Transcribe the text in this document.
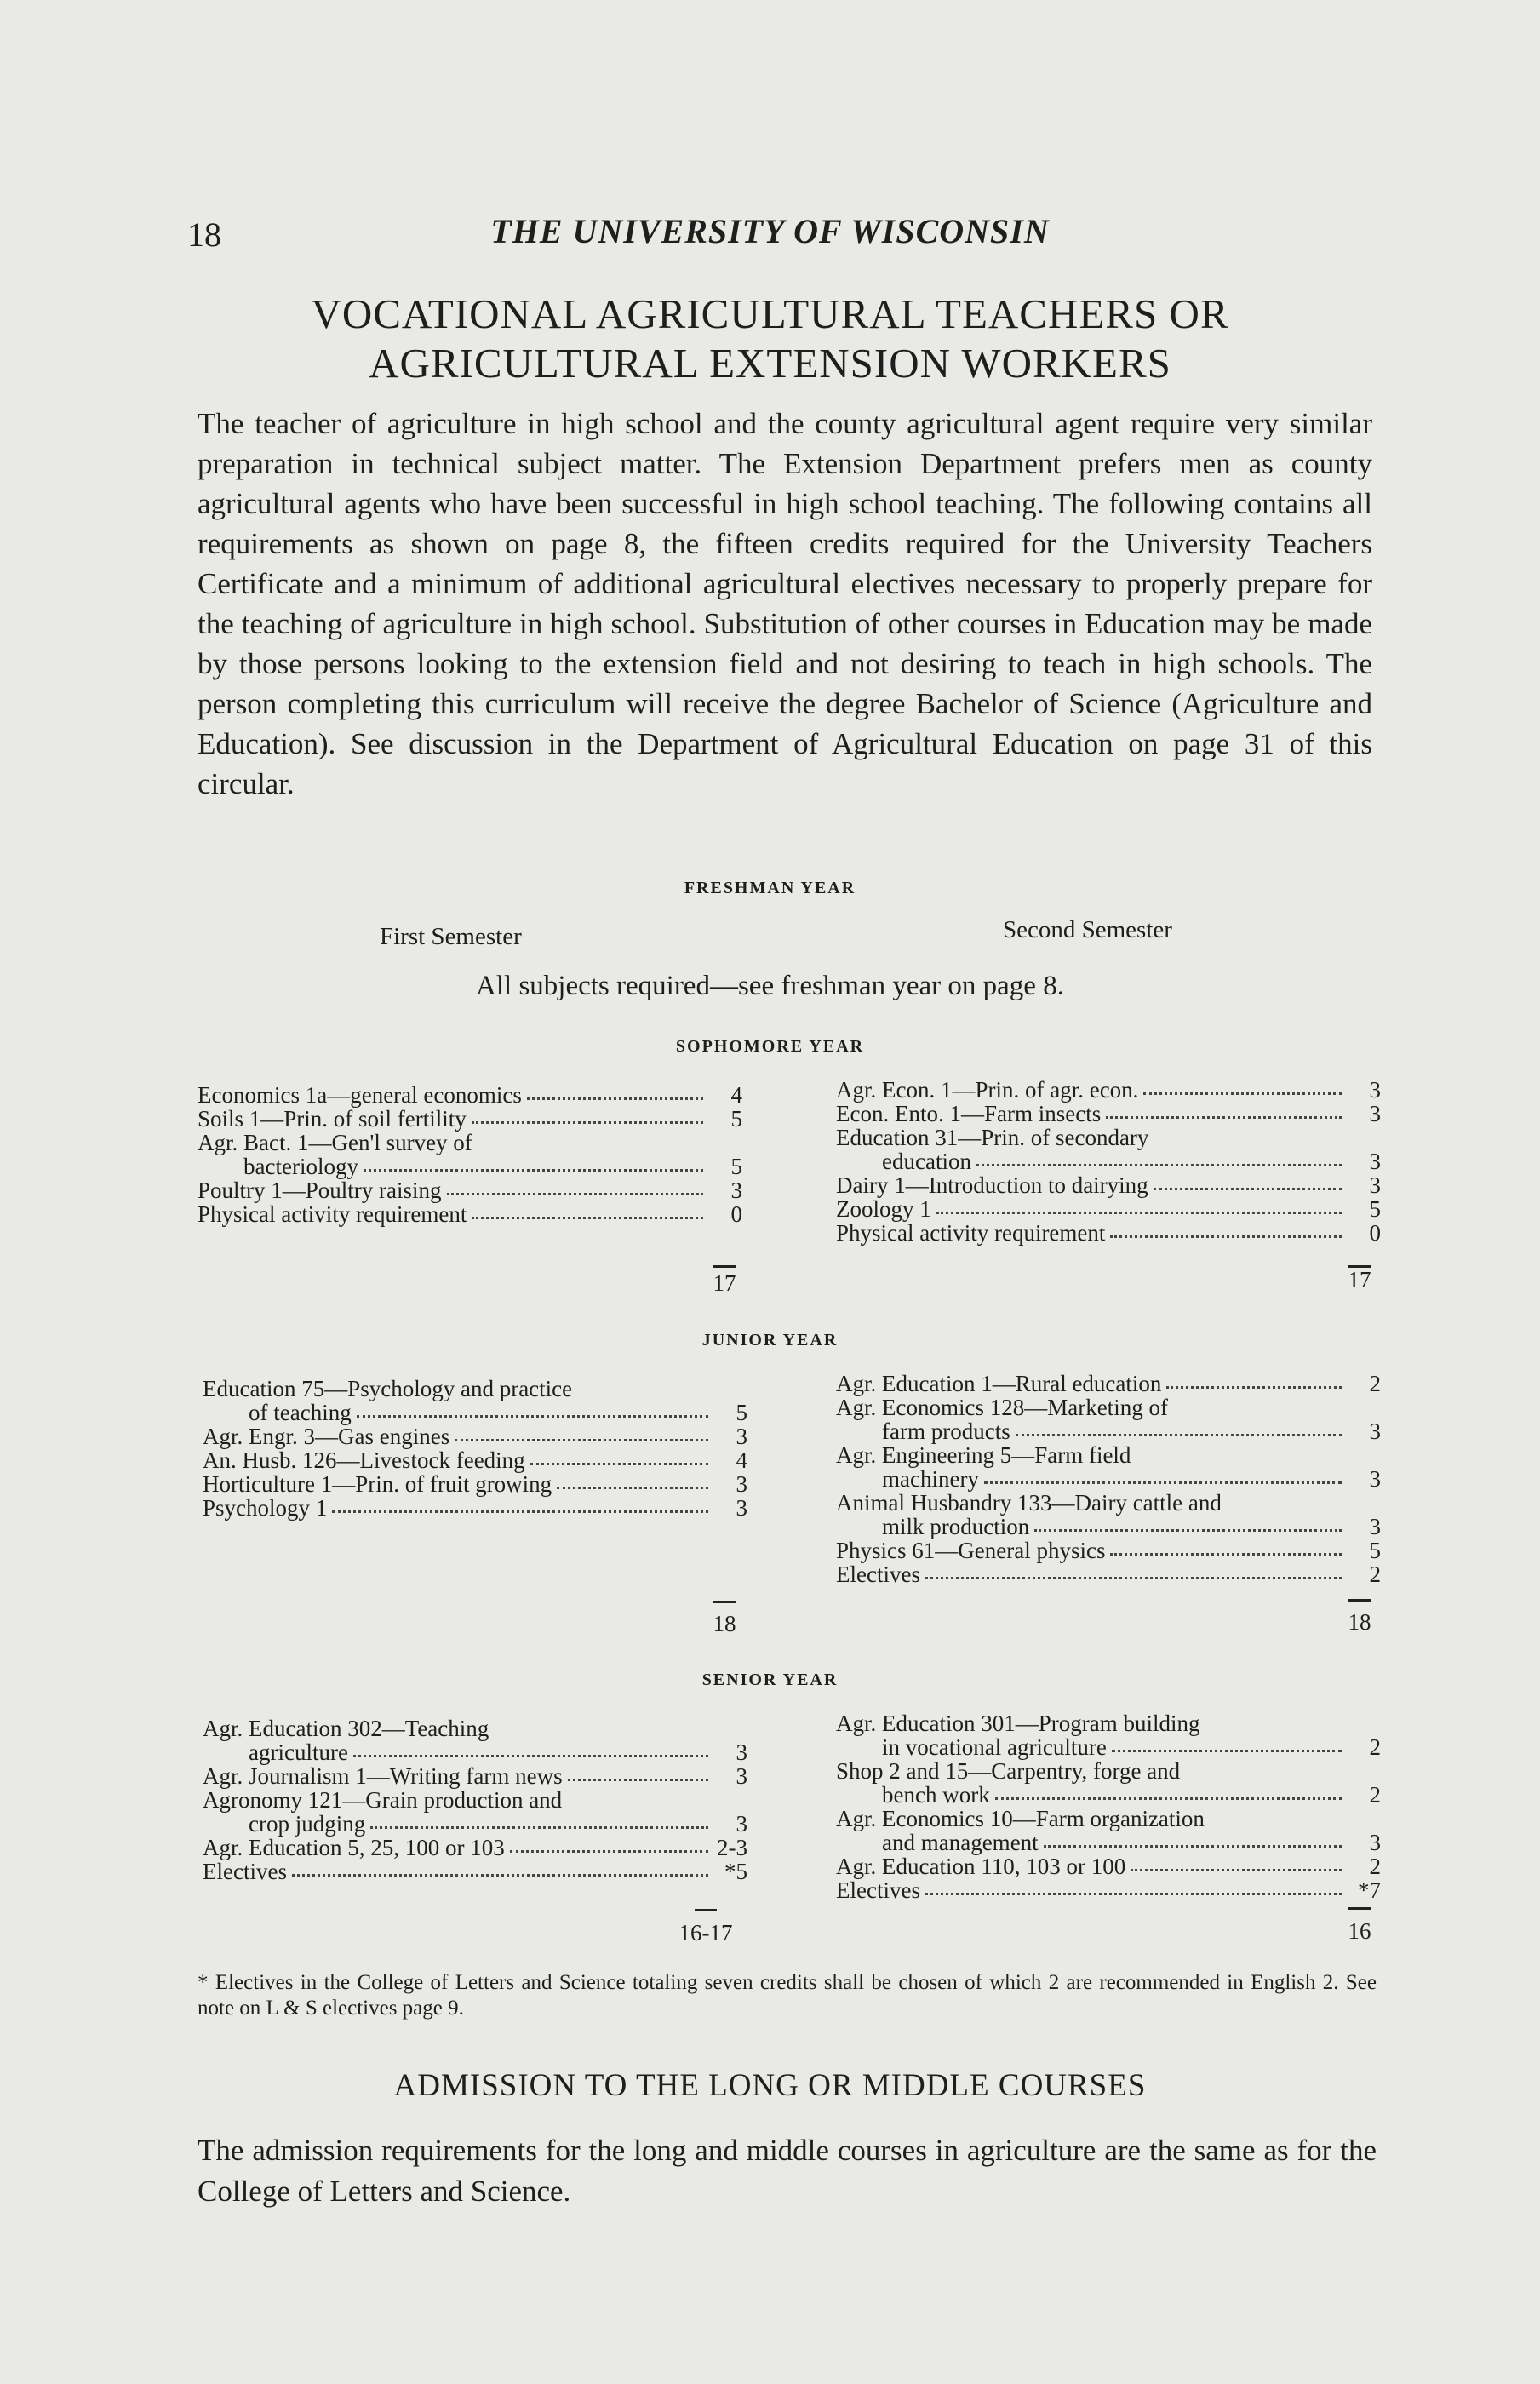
18	THE UNIVERSITY OF WISCONSIN
VOCATIONAL AGRICULTURAL TEACHERS OR
AGRICULTURAL EXTENSION WORKERS
The teacher of agriculture in high school and the county agricultural agent require very similar preparation in technical subject matter. The Extension Department prefers men as county agricultural agents who have been successful in high school teaching. The following contains all requirements as shown on page 8, the fifteen credits required for the University Teachers Certificate and a minimum of additional agricultural electives necessary to properly prepare for the teaching of agriculture in high school. Substitution of other courses in Education may be made by those persons looking to the extension field and not desiring to teach in high schools. The person completing this curriculum will receive the degree Bachelor of Science (Agriculture and Education). See discussion in the Department of Agricultural Education on page 31 of this circular.
FRESHMAN YEAR
First Semester	Second Semester
All subjects required—see freshman year on page 8.
SOPHOMORE YEAR
Economics 1a—general economics	4
Soils 1—Prin. of soil fertility	5
Agr. Bact. 1—Gen'l survey of
bacteriology	5
Poultry 1—Poultry raising	3
Physical activity requirement	0
Agr. Econ. 1—Prin. of agr. econ.	3
Econ. Ento. 1—Farm insects	3
Education 31—Prin. of secondary
education	3
Dairy 1—Introduction to dairying	3
Zoology 1	5
Physical activity requirement	0
17	17
JUNIOR YEAR
Education 75—Psychology and practice
of teaching	5
Agr. Engr. 3—Gas engines	3
An. Husb. 126—Livestock feeding	4
Horticulture 1—Prin. of fruit growing	3
Psychology 1	3
Agr. Education 1—Rural education	2
Agr. Economics 128—Marketing of
farm products	3
Agr. Engineering 5—Farm field
machinery	3
Animal Husbandry 133—Dairy cattle and
milk production	3
Physics 61—General physics	5
Electives	2
18	18
SENIOR YEAR
Agr. Education 302—Teaching
agriculture	3
Agr. Journalism 1—Writing farm news	3
Agronomy 121—Grain production and
crop judging	3
Agr. Education 5, 25, 100 or 103	2-3
Electives	*5
Agr. Education 301—Program building
in vocational agriculture	2
Shop 2 and 15—Carpentry, forge and
bench work	2
Agr. Economics 10—Farm organization
and management	3
Agr. Education 110, 103 or 100	2
Electives	*7
16-17	16
* Electives in the College of Letters and Science totaling seven credits shall be chosen of which 2 are recommended in English 2. See note on L & S electives page 9.
ADMISSION TO THE LONG OR MIDDLE COURSES
The admission requirements for the long and middle courses in agriculture are the same as for the College of Letters and Science.
